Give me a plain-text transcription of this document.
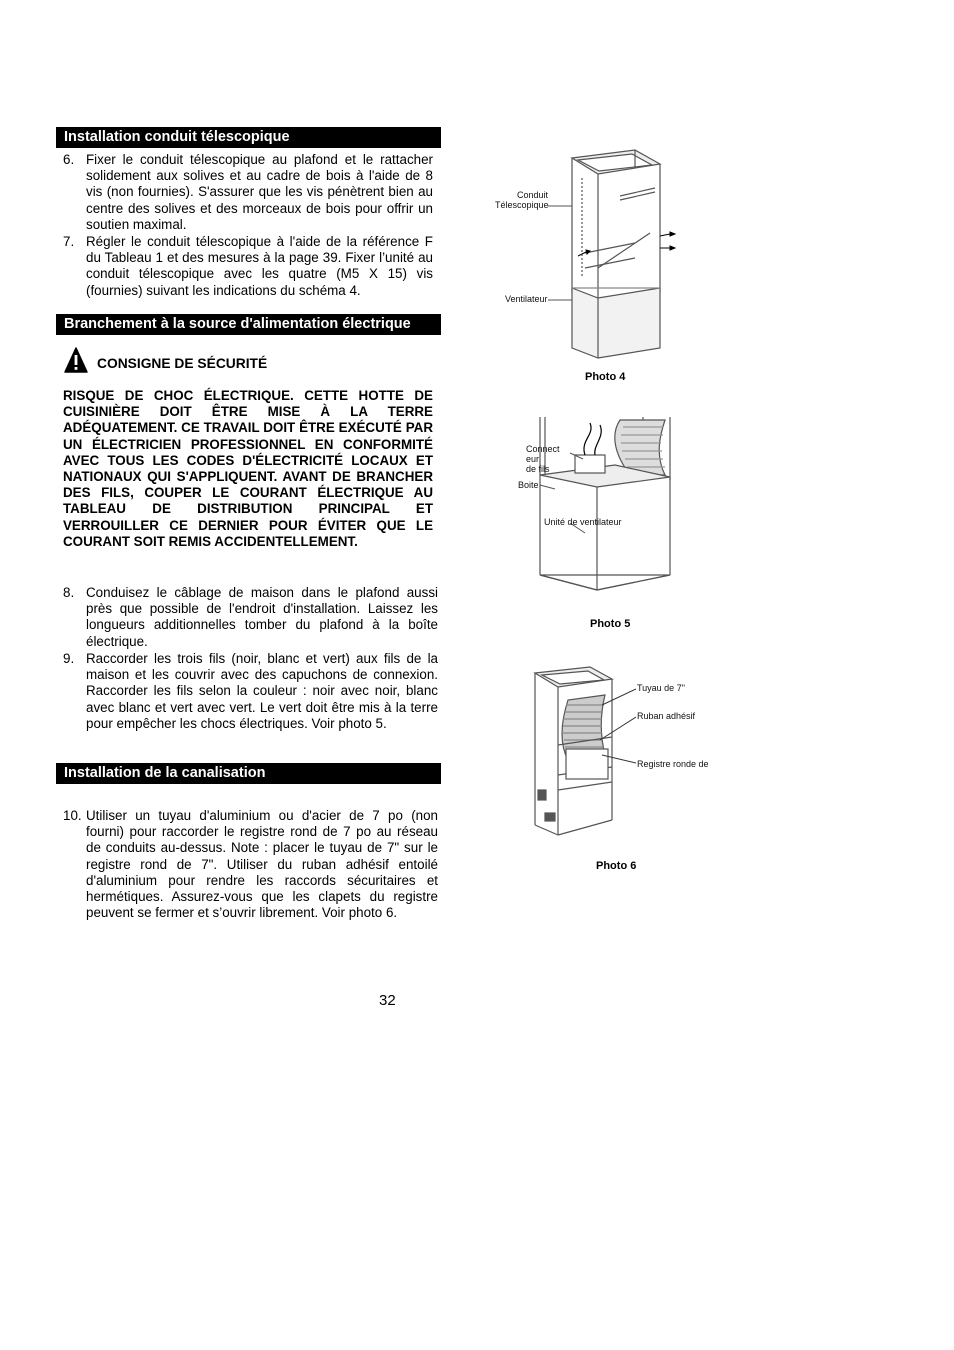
Installation conduit télescopique
6. Fixer le conduit télescopique au plafond et le rattacher solidement aux solives et au cadre de bois à l'aide de 8 vis (non fournies). S'assurer que les vis pénètrent bien au centre des solives et des morceaux de bois pour offrir un soutien maximal.
7. Régler le conduit télescopique à l'aide de la référence F du Tableau 1 et des mesures à la page 39. Fixer l’unité au conduit télescopique avec les quatre (M5 X 15) vis (fournies) suivant les indications du schéma 4.
Branchement à la source d'alimentation électrique
CONSIGNE DE SÉCURITÉ
RISQUE DE CHOC ÉLECTRIQUE. CETTE HOTTE DE CUISINIÈRE DOIT ÊTRE MISE À LA TERRE ADÉQUATEMENT. CE TRAVAIL DOIT ÊTRE EXÉCUTÉ PAR UN ÉLECTRICIEN PROFESSIONNEL EN CONFORMITÉ AVEC TOUS LES CODES D'ÉLECTRICITÉ LOCAUX ET NATIONAUX QUI S'APPLIQUENT. AVANT DE BRANCHER DES FILS, COUPER LE COURANT ÉLECTRIQUE AU TABLEAU DE DISTRIBUTION PRINCIPAL ET VERROUILLER CE DERNIER POUR ÉVITER QUE LE COURANT SOIT REMIS ACCIDENTELLEMENT.
8. Conduisez le câblage de maison dans le plafond aussi près que possible de l'endroit d'installation. Laissez les longueurs additionnelles tomber du plafond à la boîte électrique.
9. Raccorder les trois fils (noir, blanc et vert) aux fils de la maison et les couvrir avec des capuchons de connexion. Raccorder les fils selon la couleur : noir avec noir, blanc avec blanc et vert avec vert. Le vert doit être mis à la terre pour empêcher les chocs électriques. Voir photo 5.
Installation de la canalisation
10. Utiliser un tuyau d'aluminium ou d'acier de 7 po (non fourni) pour raccorder le registre rond de 7 po au réseau de conduits au-dessus. Note : placer le tuyau de 7" sur le registre rond de 7". Utiliser du ruban adhésif entoilé d'aluminium pour rendre les raccords sécuritaires et hermétiques. Assurez-vous que les clapets du registre peuvent se fermer et s’ouvrir librement. Voir photo 6.
Conduit
Télescopique
Ventilateur
Photo 4
Connect
eur
de fils
Boite
Unité de ventilateur
Photo 5
Tuyau de 7"
Ruban adhésif
Registre ronde de
Photo 6
32
